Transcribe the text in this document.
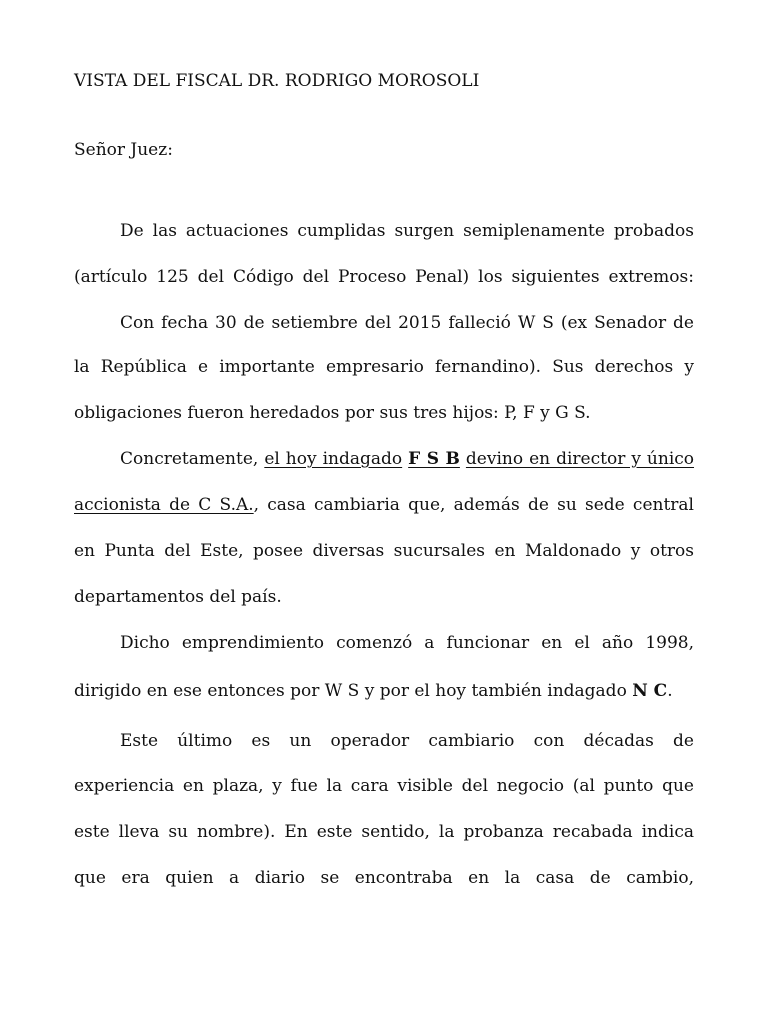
VISTA DEL FISCAL DR. RODRIGO MOROSOLI
Señor Juez:
De las actuaciones cumplidas surgen semiplenamente probados
(artículo 125 del Código del Proceso Penal) los siguientes extremos:
Con fecha 30 de setiembre del 2015 falleció W S (ex Senador de
la República e importante empresario fernandino). Sus derechos y
obligaciones fueron heredados por sus tres hijos: P, F y G S.
Concretamente, el hoy indagado F S B devino en director y único
accionista de C S.A., casa cambiaria que, además de su sede central
en Punta del Este, posee diversas sucursales en Maldonado y otros
departamentos del país.
Dicho emprendimiento comenzó a funcionar en el año 1998,
dirigido en ese entonces por W S y por el hoy también indagado N C.
Este último es un operador cambiario con décadas de
experiencia en plaza, y fue la cara visible del negocio (al punto que
este lleva su nombre). En este sentido, la probanza recabada indica
que era quien a diario se encontraba en la casa de cambio,
